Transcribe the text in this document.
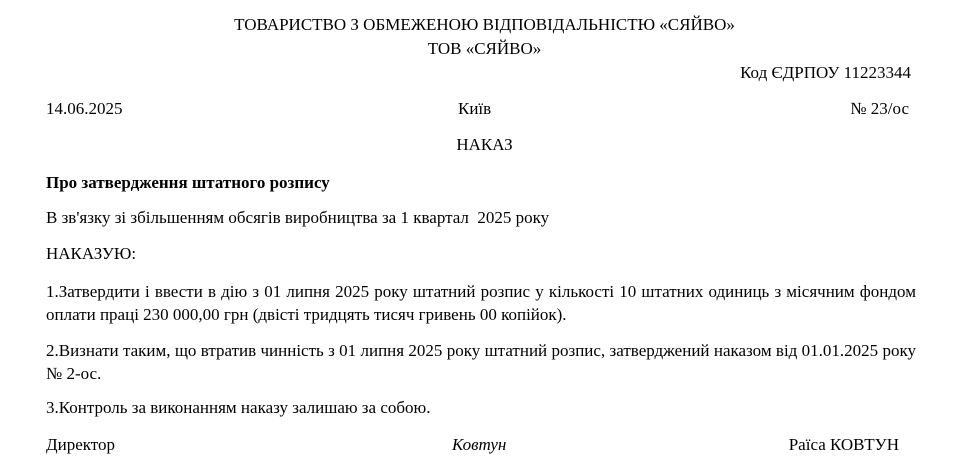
ТОВАРИСТВО З ОБМЕЖЕНОЮ ВІДПОВІДАЛЬНІСТЮ «СЯЙВО»
ТОВ «СЯЙВО»
Код ЄДРПОУ 11223344
14.06.2025	Київ	№ 23/ос
НАКАЗ
Про затвердження штатного розпису
В зв'язку зі збільшенням обсягів виробництва за 1 квартал  2025 року
НАКАЗУЮ:
1.Затвердити і ввести в дію з 01 липня 2025 року штатний розпис у кількості 10 штатних одиниць з місячним фондом оплати праці 230 000,00 грн (двісті тридцять тисяч гривень 00 копійок).
2.Визнати таким, що втратив чинність з 01 липня 2025 року штатний розпис, затверджений наказом від 01.01.2025 року № 2-ос.
3.Контроль за виконанням наказу залишаю за собою.
Директор	Ковтун	Раїса КОВТУН
